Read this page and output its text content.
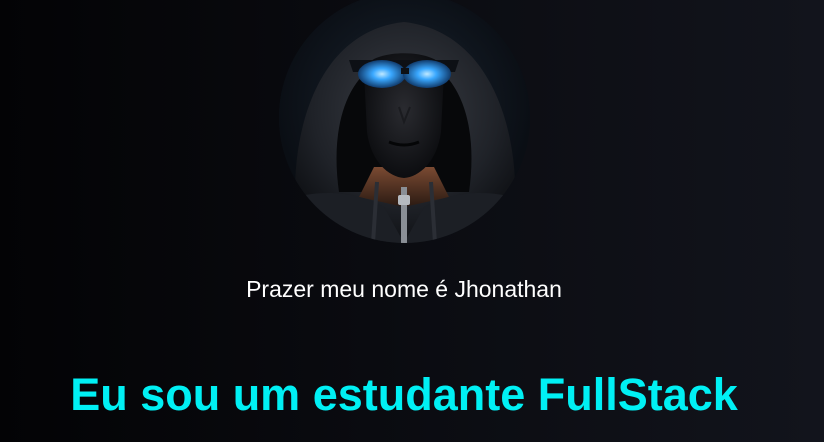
Prazer meu nome é Jhonathan
Eu sou um estudante FullStack
